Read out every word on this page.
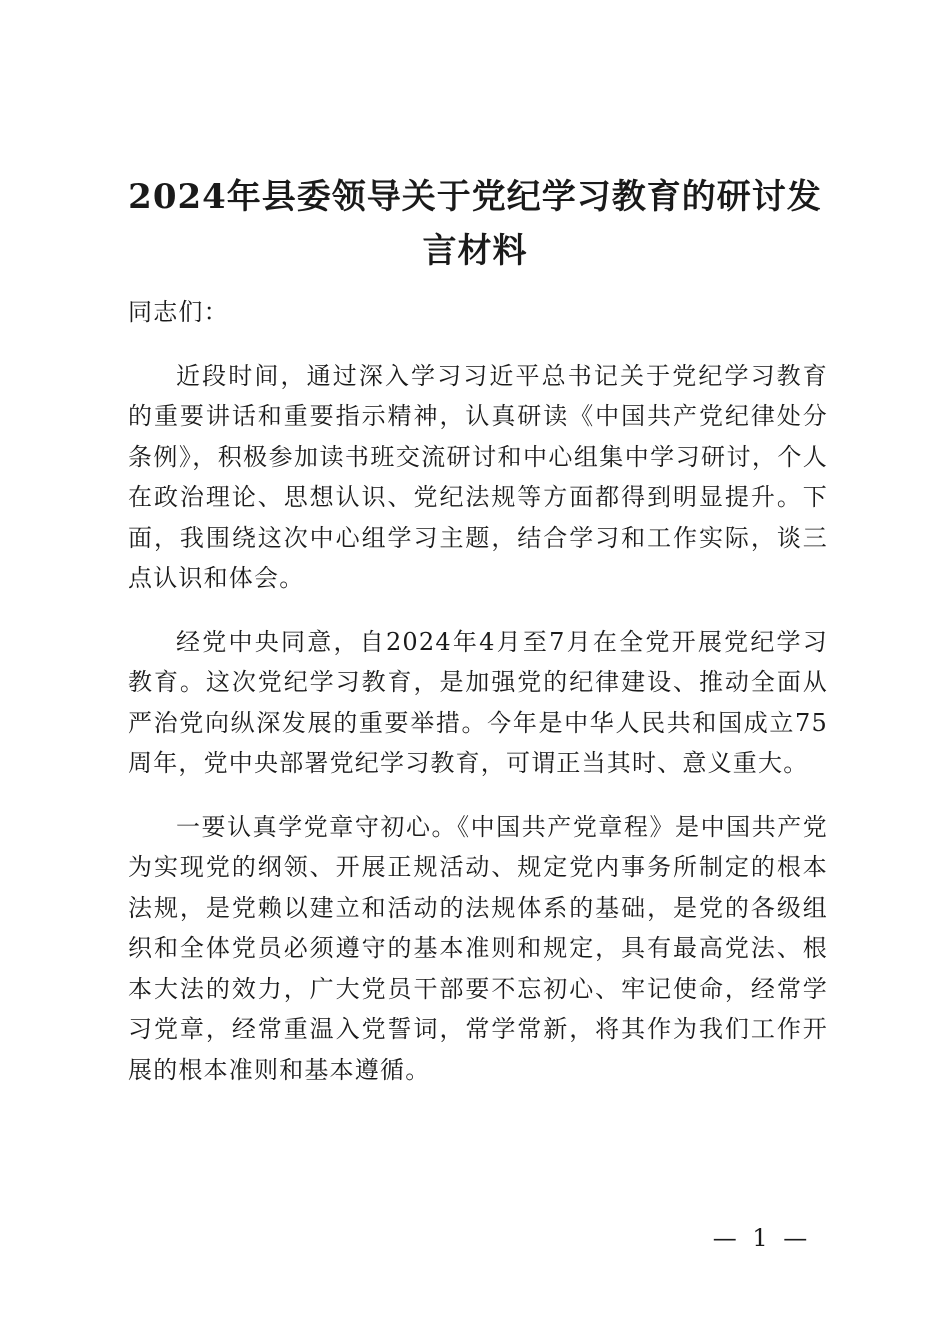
2024年县委领导关于党纪学习教育的研讨发
言材料

同志们：

近段时间，通过深入学习习近平总书记关于党纪学习教育的重要讲话和重要指示精神，认真研读《中国共产党纪律处分条例》，积极参加读书班交流研讨和中心组集中学习研讨，个人在政治理论、思想认识、党纪法规等方面都得到明显提升。下面，我围绕这次中心组学习主题，结合学习和工作实际，谈三点认识和体会。

经党中央同意，自2024年4月至7月在全党开展党纪学习教育。这次党纪学习教育，是加强党的纪律建设、推动全面从严治党向纵深发展的重要举措。今年是中华人民共和国成立75周年，党中央部署党纪学习教育，可谓正当其时、意义重大。

一要认真学党章守初心。《中国共产党章程》是中国共产党为实现党的纲领、开展正规活动、规定党内事务所制定的根本法规，是党赖以建立和活动的法规体系的基础，是党的各级组织和全体党员必须遵守的基本准则和规定，具有最高党法、根本大法的效力，广大党员干部要不忘初心、牢记使命，经常学习党章，经常重温入党誓词，常学常新，将其作为我们工作开展的根本准则和基本遵循。

— 1 —
